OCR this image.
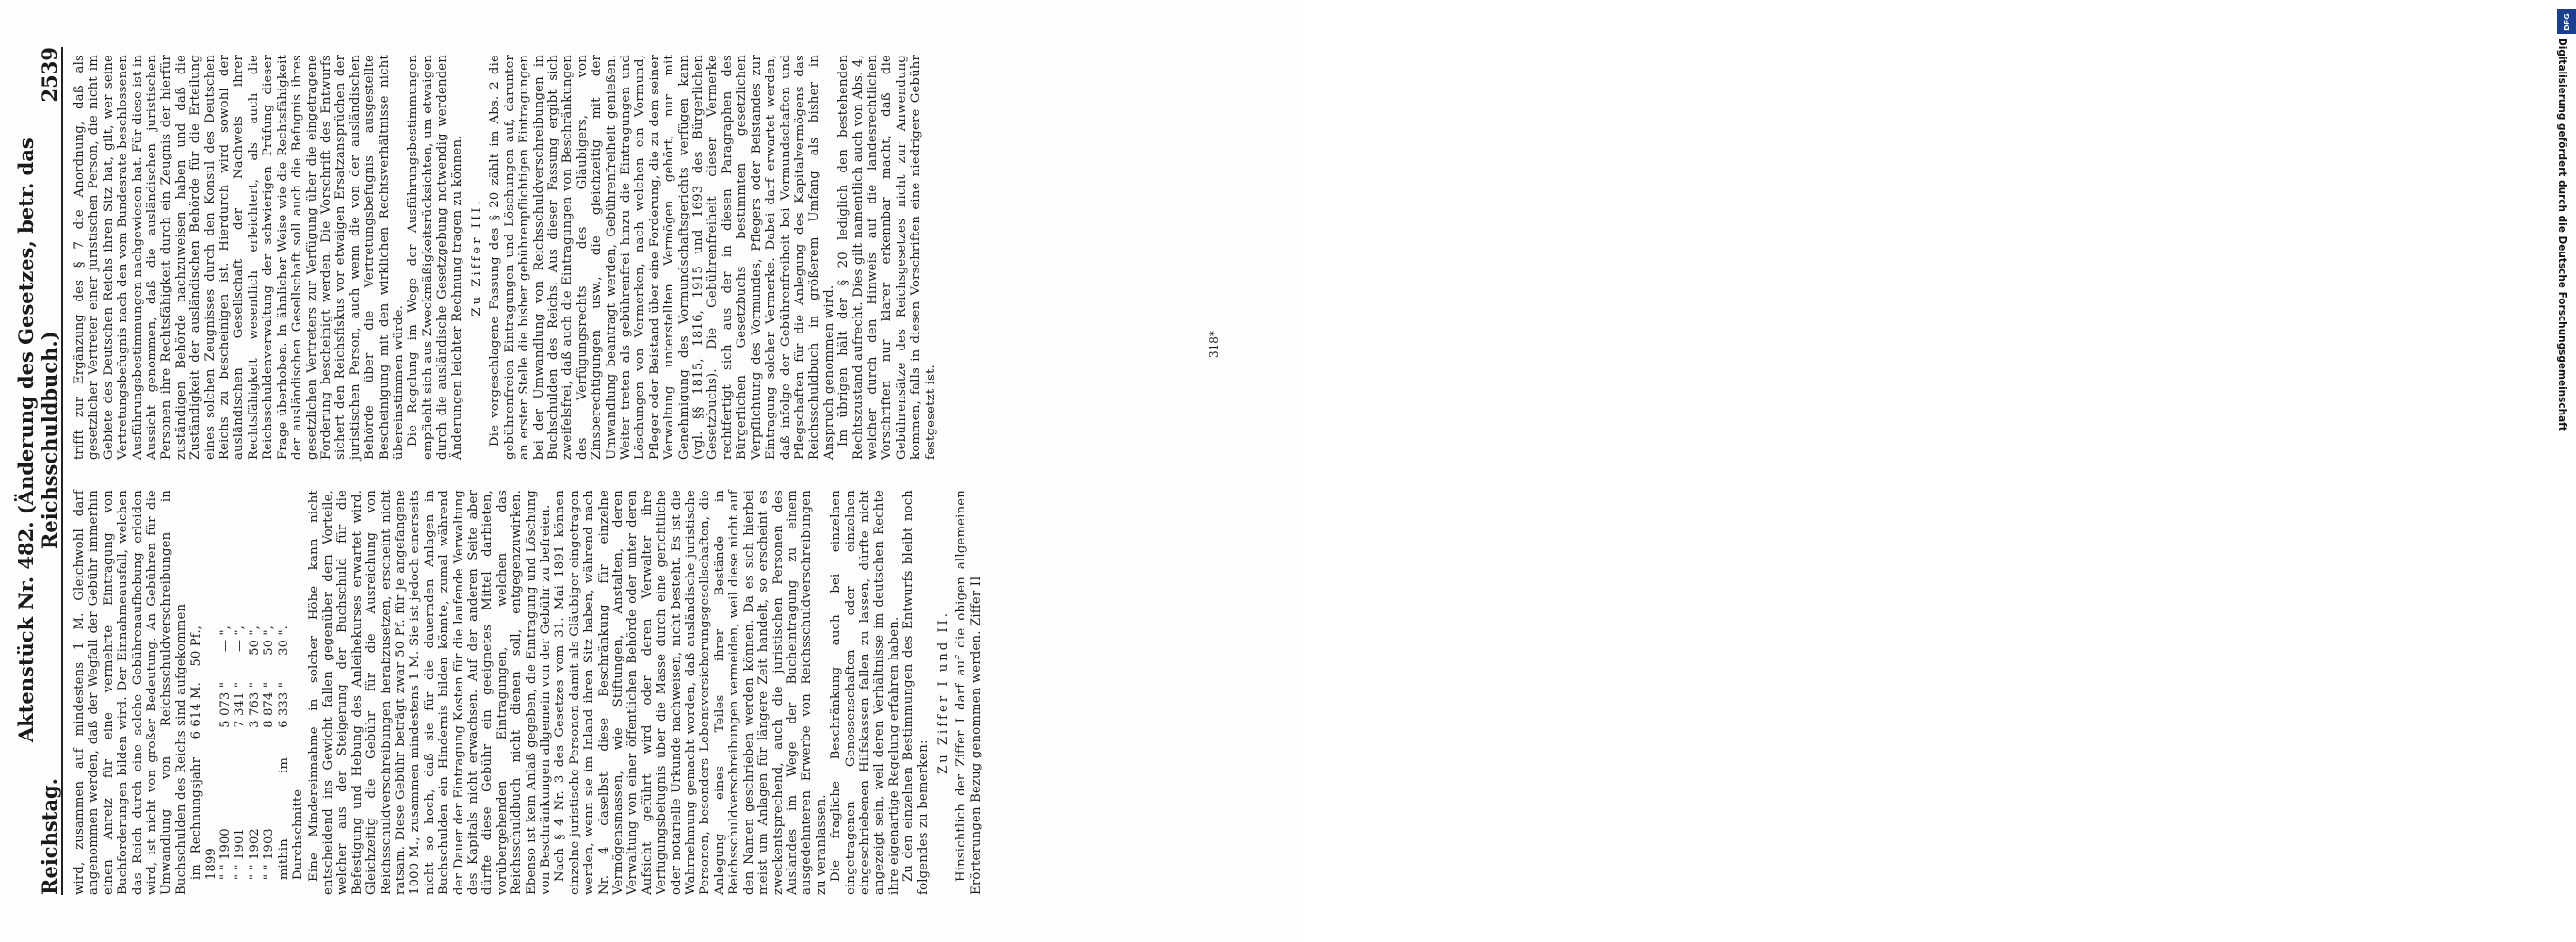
Reichstag.
Aktenstück Nr. 482. (Änderung des Gesetzes, betr. das Reichsschuldbuch.)
2539

wird, zusammen auf mindestens 1 M. Gleichwohl darf angenommen werden, daß der Wegfall der Gebühr immerhin einen Anreiz für eine vermehrte Eintragung von Buchforderungen bilden wird. Der Einnahmeausfall, welchen das Reich durch eine solche Gebührenaufhebung erleiden wird, ist nicht von großer Bedeutung. An Gebühren für die Umwandlung von Reichsschuldverschreibungen in Buchschulden des Reichs sind aufgekommen im Rechnungsjahr 1899
6 614 M.
50 Pf.,
" " 1900
5 073 "
— ",
" " 1901
7 341 "
— ",
" " 1902
3 763 "
50 ",
" " 1903
8 874 "
50 ",
mithin im Durchschnitte
6 333 "
30 ".	Eine Mindereinnahme in solcher Höhe kann nicht entscheidend ins Gewicht fallen gegenüber dem Vorteile, welcher aus der Steigerung der Buchschuld für die Befestigung und Hebung des Anleihekurses erwartet wird. Gleichzeitig die Gebühr für die Ausreichung von Reichsschuldverschreibungen herabzusetzen, erscheint nicht ratsam. Diese Gebühr beträgt zwar 50 Pf. für je angefangene 1000 M., zusammen mindestens 1 M. Sie ist jedoch einerseits nicht so hoch, daß sie für die dauernden Anlagen in Buchschulden ein Hindernis bilden könnte, zumal während der Dauer der Eintragung Kosten für die laufende Verwaltung des Kapitals nicht erwachsen. Auf der anderen Seite aber dürfte diese Gebühr ein geeignetes Mittel darbieten, vorübergehenden Eintragungen, welchen das Reichsschuldbuch nicht dienen soll, entgegenzuwirken. Ebenso ist kein Anlaß gegeben, die Eintragung und Löschung von Beschränkungen allgemein von der Gebühr zu befreien. Nach § 4 Nr. 3 des Gesetzes vom 31. Mai 1891 können einzelne juristische Personen damit als Gläubiger eingetragen werden, wenn sie im Inland ihren Sitz haben, während nach Nr. 4 daselbst diese Beschränkung für einzelne Vermögensmassen, wie Stiftungen, Anstalten, deren Verwaltung von einer öffentlichen Behörde oder unter deren Aufsicht geführt wird oder deren Verwalter ihre Verfügungsbefugnis über die Masse durch eine gerichtliche oder notarielle Urkunde nachweisen, nicht besteht. Es ist die Wahrnehmung gemacht worden, daß ausländische juristische Personen, besonders Lebensversicherungsgesellschaften, die Anlegung eines Teiles ihrer Bestände in Reichsschuldverschreibungen vermeiden, weil diese nicht auf den Namen geschrieben werden können. Da es sich hierbei meist um Anlagen für längere Zeit handelt, so erscheint es zweckentsprechend, auch die juristischen Personen des Auslandes im Wege der Bucheintragung zu einem ausgedehnteren Erwerbe von Reichsschuldverschreibungen zu veranlassen. Die fragliche Beschränkung auch bei einzelnen eingetragenen Genossenschaften oder einzelnen eingeschriebenen Hilfskassen fallen zu lassen, dürfte nicht angezeigt sein, weil deren Verhältnisse im deutschen Rechte ihre eigenartige Regelung erfahren haben. Zu den einzelnen Bestimmungen des Entwurfs bleibt noch folgendes zu bemerken:

Zu Ziffer I und II. Hinsichtlich der Ziffer I darf auf die obigen allgemeinen Erörterungen Bezug genommen werden. Ziffer II

trifft zur Ergänzung des § 7 die Anordnung, daß als gesetzlicher Vertreter einer juristischen Person, die nicht im Gebiete des Deutschen Reichs ihren Sitz hat, gilt, wer seine Vertretungsbefugnis nach den vom Bundesrate beschlossenen Ausführungsbestimmungen nachgewiesen hat. Für diese ist in Aussicht genommen, daß die ausländischen juristischen Personen ihre Rechtsfähigkeit durch ein Zeugnis der hierfür zuständigen Behörde nachzuweisen haben und daß die Zuständigkeit der ausländischen Behörde für die Erteilung eines solchen Zeugnisses durch den Konsul des Deutschen Reichs zu bescheinigen ist. Hierdurch wird sowohl der ausländischen Gesellschaft der Nachweis ihrer Rechtsfähigkeit wesentlich erleichtert, als auch die Reichsschuldenverwaltung der schwierigen Prüfung dieser Frage überhoben. In ähnlicher Weise wie die Rechtsfähigkeit der ausländischen Gesellschaft soll auch die Befugnis ihres gesetzlichen Vertreters zur Verfügung über die eingetragene Forderung bescheinigt werden. Die Vorschrift des Entwurfs sichert den Reichsfiskus vor etwaigen Ersatzansprüchen der juristischen Person, auch wenn die von der ausländischen Behörde über die Vertretungsbefugnis ausgestellte Bescheinigung mit den wirklichen Rechtsverhältnisse nicht übereinstimmen würde. Die Regelung im Wege der Ausführungsbestimmungen empfiehlt sich aus Zweckmäßigkeitsrücksichten, um etwaigen durch die ausländische Gesetzgebung notwendig werdenden Änderungen leichter Rechnung tragen zu können. Zu Ziffer III. Die vorgeschlagene Fassung des § 20 zählt im Abs. 2 die gebührenfreien Eintragungen und Löschungen auf, darunter an erster Stelle die bisher gebührenpflichtigen Eintragungen bei der Umwandlung von Reichsschuldverschreibungen in Buchschulden des Reichs. Aus dieser Fassung ergibt sich zweifelsfrei, daß auch die Eintragungen von Beschränkungen des Verfügungsrechts des Gläubigers, von Zinsberechtigungen usw., die gleichzeitig mit der Umwandlung beantragt werden, Gebührenfreiheit genießen. Weiter treten als gebührenfrei hinzu die Eintragungen und Löschungen von Vermerken, nach welchen ein Vormund, Pfleger oder Beistand über eine Forderung, die zu dem seiner Verwaltung unterstellten Vermögen gehört, nur mit Genehmigung des Vormundschaftsgerichts verfügen kann (vgl. §§ 1815, 1816, 1915 und 1693 des Bürgerlichen Gesetzbuchs). Die Gebührenfreiheit dieser Vermerke rechtfertigt sich aus der in diesen Paragraphen des Bürgerlichen Gesetzbuchs bestimmten gesetzlichen Verpflichtung des Vormundes, Pflegers oder Beistandes zur Eintragung solcher Vermerke. Dabei darf erwartet werden, daß infolge der Gebührenfreiheit bei Vormundschaften und Pflegschaften für die Anlegung des Kapitalvermögens das Reichsschuldbuch in größerem Umfang als bisher in Anspruch genommen wird. Im übrigen hält der § 20 lediglich den bestehenden Rechtszustand aufrecht. Dies gilt namentlich auch von Abs. 4, welcher durch den Hinweis auf die landesrechtlichen Vorschriften nur klarer erkennbar macht, daß die Gebührensätze des Reichsgesetzes nicht zur Anwendung kommen, falls in diesen Vorschriften eine niedrigere Gebühr festgesetzt ist.

318*
DFG
Digitalisierung gefördert durch die Deutsche Forschungsgemeinschaft
